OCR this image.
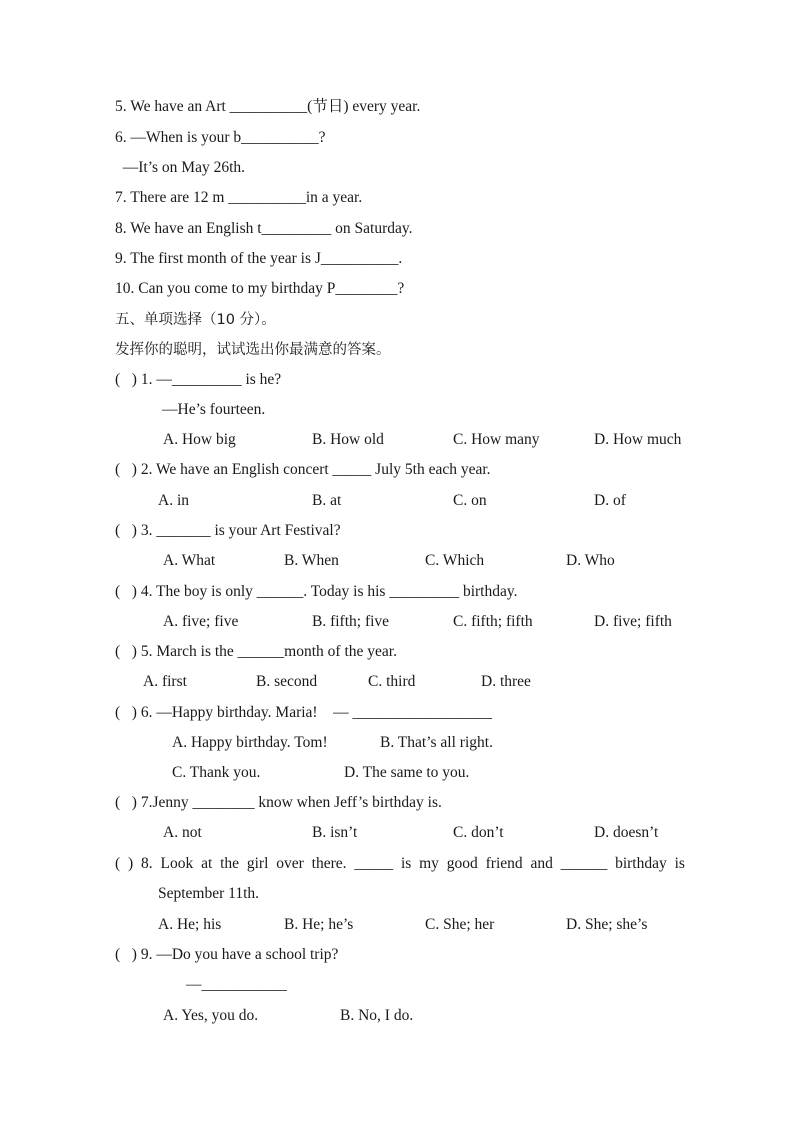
5. We have an Art __________(节日) every year.
6. —When is your b__________?
—It’s on May 26th.
7. There are 12 m __________in a year.
8. We have an English t_________ on Saturday.
9. The first month of the year is J__________.
10. Can you come to my birthday P________?
五、单项选择（10 分）。
发挥你的聪明，试试选出你最满意的答案。
(   ) 1. —_________ is he?
—He’s fourteen.
A. How big	B. How old	C. How many	D. How much
(   ) 2. We have an English concert _____ July 5th each year.
A. in	B. at	C. on	D. of
(   ) 3. _______ is your Art Festival?
A. What	B. When	C. Which	D. Who
(   ) 4. The boy is only ______. Today is his _________ birthday.
A. five; five	B. fifth; five	C. fifth; fifth	D. five; fifth
(   ) 5. March is the ______month of the year.
A. first	B. second	C. third	D. three
(   ) 6. —Happy birthday. Maria!    — __________________
A. Happy birthday. Tom!	B. That’s all right.
C. Thank you.	D. The same to you.
(   ) 7.Jenny ________ know when Jeff’s birthday is.
A. not	B. isn’t	C. don’t	D. doesn’t
( ) 8. Look at the girl over there. _____ is my good friend and ______ birthday is
September 11th.
A. He; his	B. He; he’s	C. She; her	D. She; she’s
(   ) 9. —Do you have a school trip?
—___________
A. Yes, you do.	B. No, I do.
